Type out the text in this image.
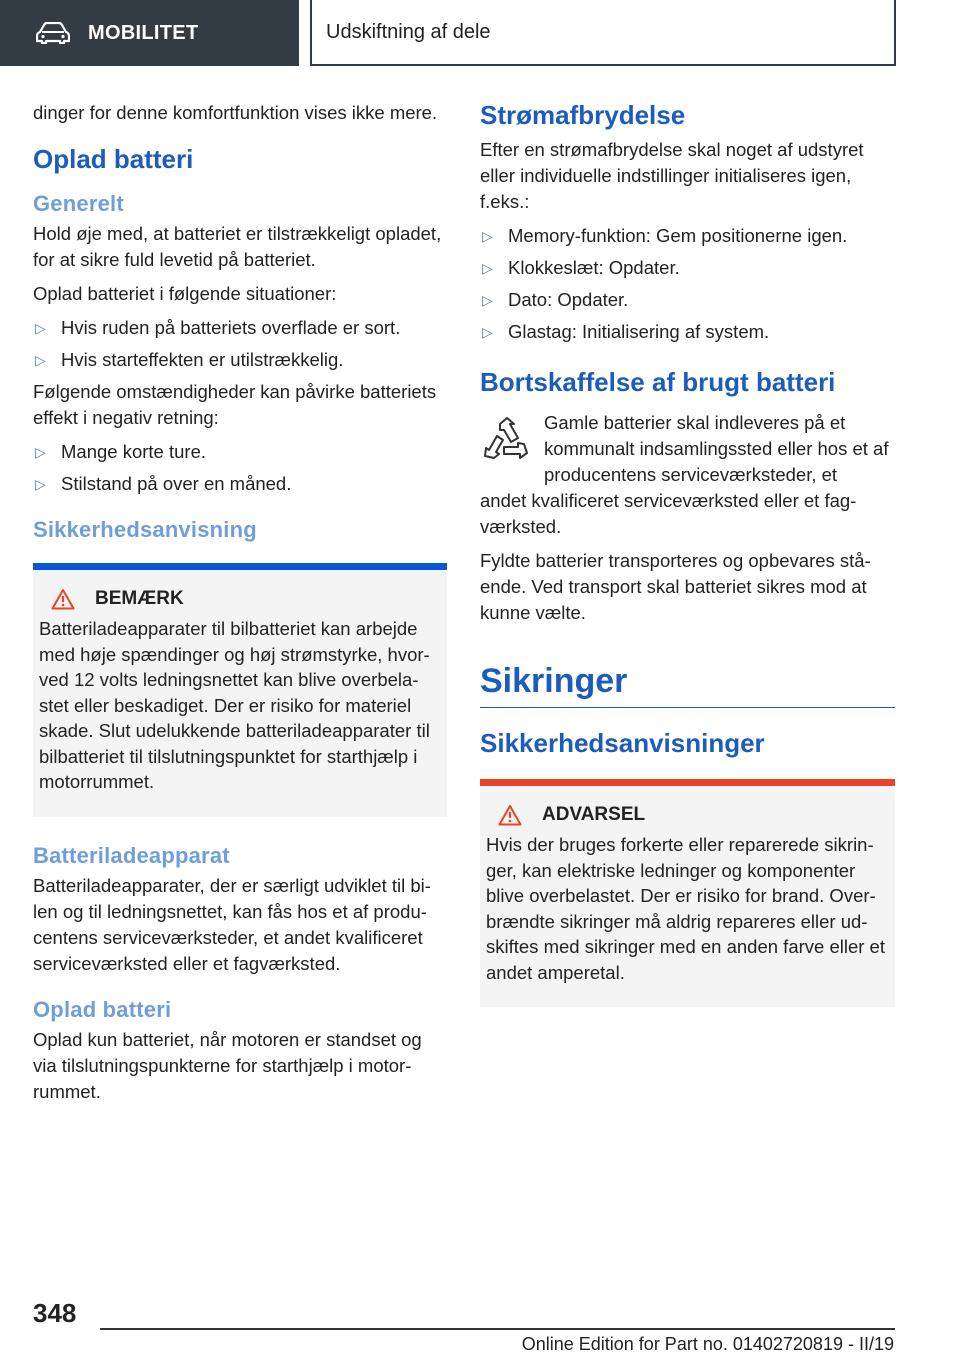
MOBILITET	Udskiftning af dele

dinger for denne komfortfunktion vises ikke mere.

Oplad batteri
Generelt

Hold øje med, at batteriet er tilstrækkeligt opladet, for at sikre fuld levetid på batteriet.

Oplad batteriet i følgende situationer:

▷ Hvis ruden på batteriets overflade er sort.
▷ Hvis starteffekten er utilstrækkelig.

Følgende omstændigheder kan påvirke batteriets effekt i negativ retning:

▷ Mange korte ture.
▷ Stilstand på over en måned.
Sikkerhedsanvisning
BEMÆRK

Batteriladeapparater til bilbatteriet kan arbejde med høje spændinger og høj strømstyrke, hvorved 12 volts ledningsnettet kan blive overbelastet eller beskadiget. Der er risiko for materiel skade. Slut udelukkende batteriladeapparater til bilbatteriet til tilslutningspunktet for starthjælp i motorrummet.

Batteriladeapparat

Batteriladeapparater, der er særligt udviklet til bilen og til ledningsnettet, kan fås hos et af producentens serviceværksteder, et andet kvalificeret serviceværksted eller et fagværksted.

Oplad batteri

Oplad kun batteriet, når motoren er standset og via tilslutningspunkterne for starthjælp i motorrummet.

Strømafbrydelse

Efter en strømafbrydelse skal noget af udstyret eller individuelle indstillinger initialiseres igen, f.eks.:

▷ Memory-funktion: Gem positionerne igen.
▷ Klokkeslæt: Opdater.
▷ Dato: Opdater.
▷ Glastag: Initialisering af system.
Bortskaffelse af brugt batteri

Gamle batterier skal indleveres på et kommunalt indsamlingssted eller hos et af producentens serviceværksteder, et

andet kvalificeret serviceværksted eller et fagværksted.

Fyldte batterier transporteres og opbevares stående. Ved transport skal batteriet sikres mod at kunne vælte.

Sikringer
Sikkerhedsanvisninger
ADVARSEL

Hvis der bruges forkerte eller reparerede sikringer, kan elektriske ledninger og komponenter blive overbelastet. Der er risiko for brand. Overbrændte sikringer må aldrig repareres eller udskiftes med sikringer med en anden farve eller et andet amperetal.

348
Online Edition for Part no. 01402720819 - II/19
